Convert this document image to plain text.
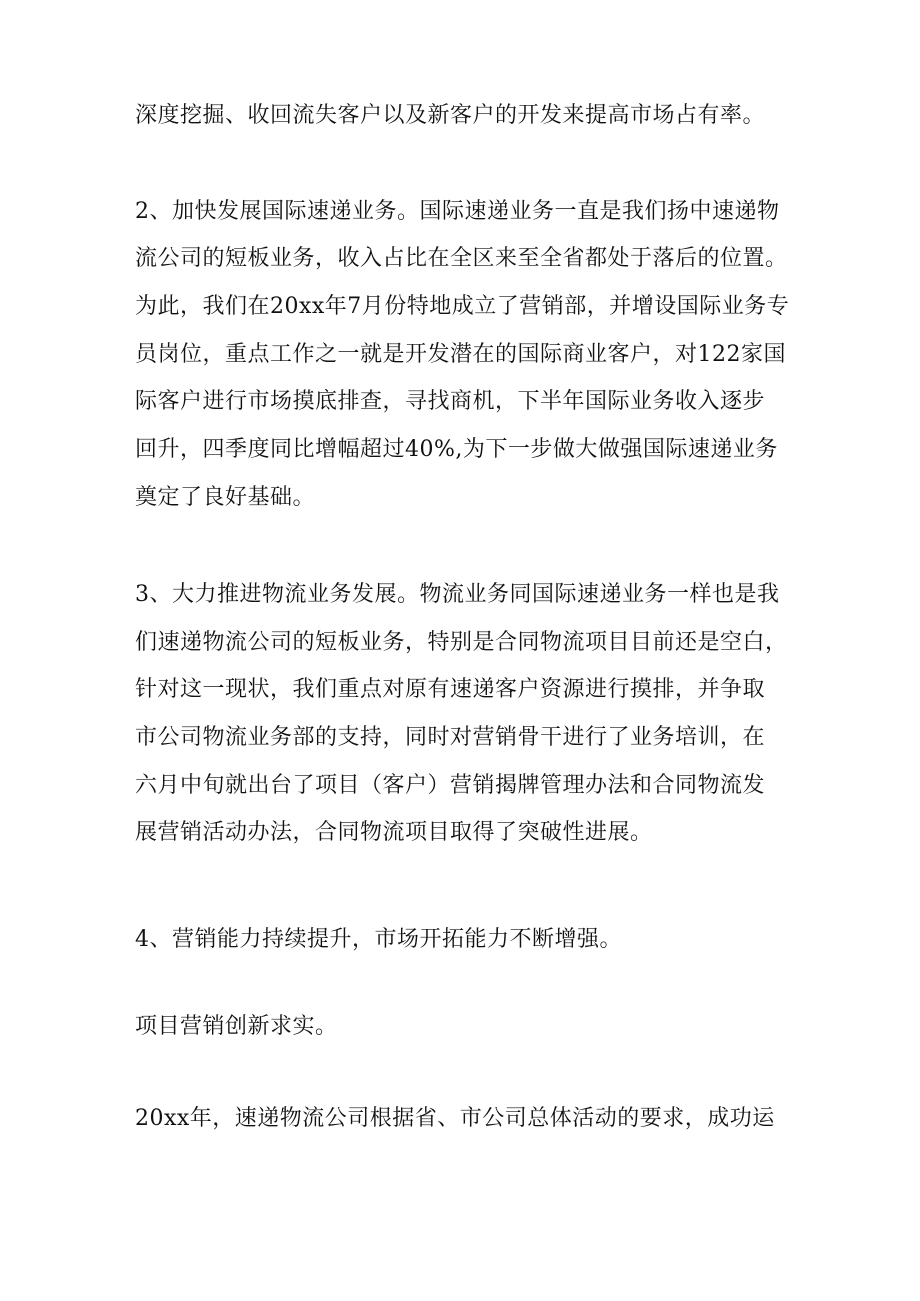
深度挖掘、收回流失客户以及新客户的开发来提高市场占有率。
2、加快发展国际速递业务。国际速递业务一直是我们扬中速递物
流公司的短板业务，收入占比在全区来至全省都处于落后的位置。
为此，我们在20xx年7月份特地成立了营销部，并增设国际业务专
员岗位，重点工作之一就是开发潜在的国际商业客户，对122家国
际客户进行市场摸底排查，寻找商机，下半年国际业务收入逐步
回升，四季度同比增幅超过40%,为下一步做大做强国际速递业务
奠定了良好基础。
3、大力推进物流业务发展。物流业务同国际速递业务一样也是我
们速递物流公司的短板业务，特别是合同物流项目目前还是空白，
针对这一现状，我们重点对原有速递客户资源进行摸排，并争取
市公司物流业务部的支持，同时对营销骨干进行了业务培训，在
六月中旬就出台了项目（客户）营销揭牌管理办法和合同物流发
展营销活动办法，合同物流项目取得了突破性进展。
4、营销能力持续提升，市场开拓能力不断增强。
项目营销创新求实。
20xx年，速递物流公司根据省、市公司总体活动的要求，成功运
